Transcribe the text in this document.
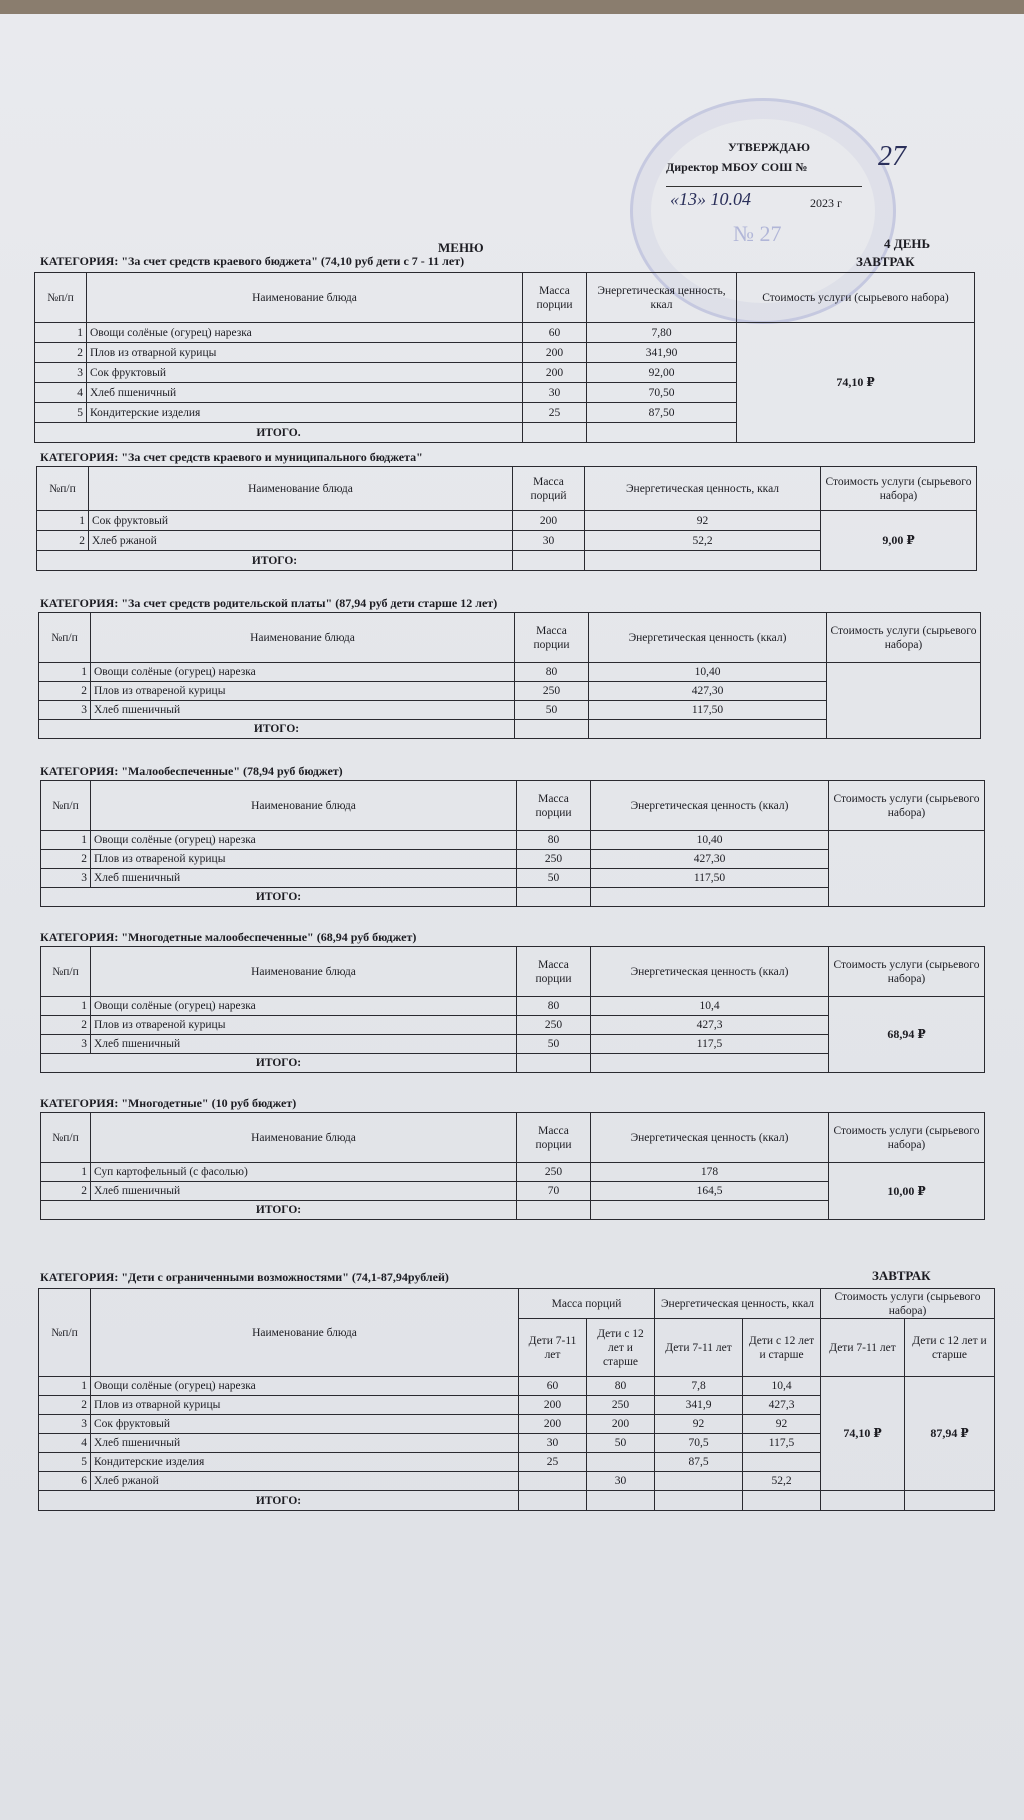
№ 27
УТВЕРЖДАЮ
Директор МБОУ СОШ №	27
«13» 10.04	2023 г
МЕНЮ	4 ДЕНЬ
ЗАВТРАК
КАТЕГОРИЯ: "За счет средств краевого бюджета" (74,10 руб дети с 7 - 11 лет)
№п/п	Наименование блюда	Масса порции	Энергетическая ценность, ккал	Стоимость услуги (сырьевого набора)
1	Овощи солёные (огурец) нарезка	60	7,80	74,10 ₽
2	Плов из отварной курицы	200	341,90	
3	Сок фруктовый	200	92,00	
4	Хлеб пшеничный	30	70,50	
5	Кондитерские изделия	25	87,50	
ИТОГО.				
КАТЕГОРИЯ: "За счет средств краевого и муниципального бюджета"
№п/п	Наименование блюда	Масса порций	Энергетическая ценность, ккал	Стоимость услуги (сырьевого набора)
1	Сок фруктовый	200	92	9,00 ₽
2	Хлеб ржаной	30	52,2	
ИТОГО:				
КАТЕГОРИЯ: "За счет средств родительской платы" (87,94 руб дети старше 12 лет)
№п/п	Наименование блюда	Масса порции	Энергетическая ценность (ккал)	Стоимость услуги (сырьевого набора)
1	Овощи солёные (огурец) нарезка	80	10,40	
2	Плов из отвареной курицы	250	427,30	
3	Хлеб пшеничный	50	117,50	
ИТОГО:				
КАТЕГОРИЯ: "Малообеспеченные" (78,94 руб бюджет)
№п/п	Наименование блюда	Масса порции	Энергетическая ценность (ккал)	Стоимость услуги (сырьевого набора)
1	Овощи солёные (огурец) нарезка	80	10,40	
2	Плов из отвареной курицы	250	427,30	
3	Хлеб пшеничный	50	117,50	
ИТОГО:				
КАТЕГОРИЯ: "Многодетные малообеспеченные" (68,94 руб бюджет)
№п/п	Наименование блюда	Масса порции	Энергетическая ценность (ккал)	Стоимость услуги (сырьевого набора)
1	Овощи солёные (огурец) нарезка	80	10,4	68,94 ₽
2	Плов из отвареной курицы	250	427,3	
3	Хлеб пшеничный	50	117,5	
ИТОГО:				
КАТЕГОРИЯ: "Многодетные" (10 руб бюджет)
№п/п	Наименование блюда	Масса порции	Энергетическая ценность (ккал)	Стоимость услуги (сырьевого набора)
1	Суп картофельный (с фасолью)	250	178	10,00 ₽
2	Хлеб пшеничный	70	164,5	
ИТОГО:				
КАТЕГОРИЯ: "Дети с ограниченными возможностями" (74,1-87,94рублей)	ЗАВТРАК
№п/п	Наименование блюда	Масса порций		Энергетическая ценность, ккал		Стоимость услуги (сырьевого набора)	
		Дети 7-11 лет	Дети с 12 лет и старше	Дети 7-11 лет	Дети с 12 лет и старше	Дети 7-11 лет	Дети с 12 лет и старше
1	Овощи солёные (огурец) нарезка	60	80	7,8	10,4	74,10 ₽	87,94 ₽
2	Плов из отварной курицы	200	250	341,9	427,3		
3	Сок фруктовый	200	200	92	92		
4	Хлеб пшеничный	30	50	70,5	117,5		
5	Кондитерские изделия	25		87,5			
6	Хлеб ржаной		30		52,2		
ИТОГО:							
